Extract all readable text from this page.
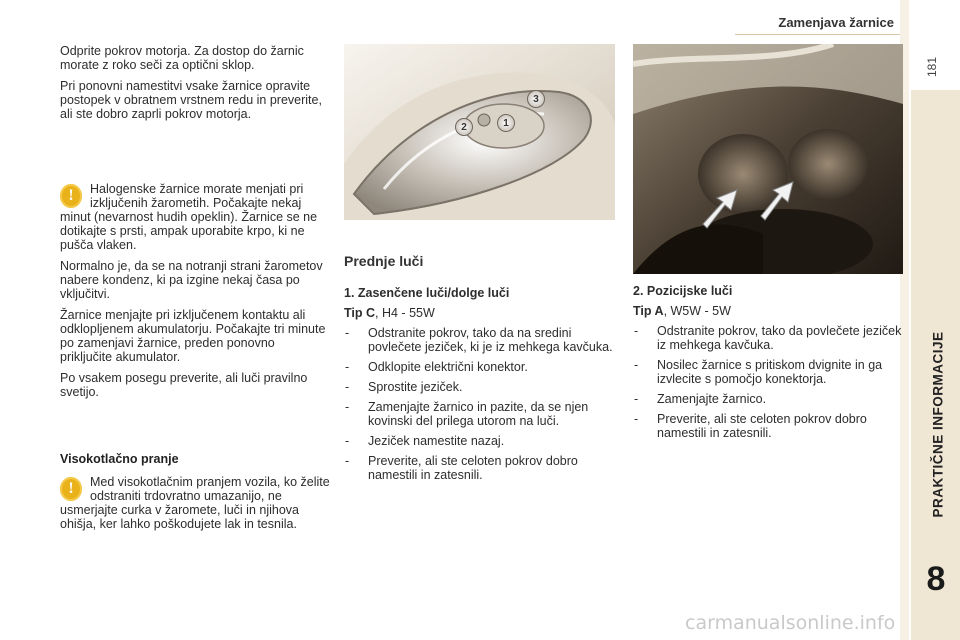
Zamenjava žarnice
181
PRAKTIČNE INFORMACIJE
8

Odprite pokrov motorja. Za dostop do žarnic morate z roko seči za optični sklop.

Pri ponovni namestitvi vsake žarnice opravite postopek v obratnem vrstnem redu in preverite, ali ste dobro zaprli pokrov motorja.

!	Halogenske žarnice morate menjati pri izključenih žarometih. Počakajte nekaj minut (nevarnost hudih opeklin). Žarnice se ne dotikajte s prsti, ampak uporabite krpo, ki ne pušča vlaken.

Normalno je, da se na notranji strani žarometov nabere kondenz, ki pa izgine nekaj časa po vključitvi.

Žarnice menjajte pri izključenem kontaktu ali odklopljenem akumulatorju. Počakajte tri minute po zamenjavi žarnice, preden ponovno priključite akumulator.

Po vsakem posegu preverite, ali luči pravilno svetijo.

Visokotlačno pranje

!	Med visokotlačnim pranjem vozila, ko želite odstraniti trdovratno umazanijo, ne usmerjajte curka v žaromete, luči in njihova ohišja, ker lahko poškodujete lak in tesnila.

1
2
3
Prednje luči
1. Zasenčene luči/dolge luči
Tip C, H4 - 55W
- Odstranite pokrov, tako da na sredini povlečete jeziček, ki je iz mehkega kavčuka.
- Odklopite električni konektor.
- Sprostite jeziček.
- Zamenjajte žarnico in pazite, da se njen kovinski del prilega utorom na luči.
- Jeziček namestite nazaj.
- Preverite, ali ste celoten pokrov dobro namestili in zatesnili.
2. Pozicijske luči
Tip A, W5W - 5W
- Odstranite pokrov, tako da povlečete jeziček iz mehkega kavčuka.
- Nosilec žarnice s pritiskom dvignite in ga izvlecite s pomočjo konektorja.
- Zamenjajte žarnico.
- Preverite, ali ste celoten pokrov dobro namestili in zatesnili.
carmanualsonline.info
